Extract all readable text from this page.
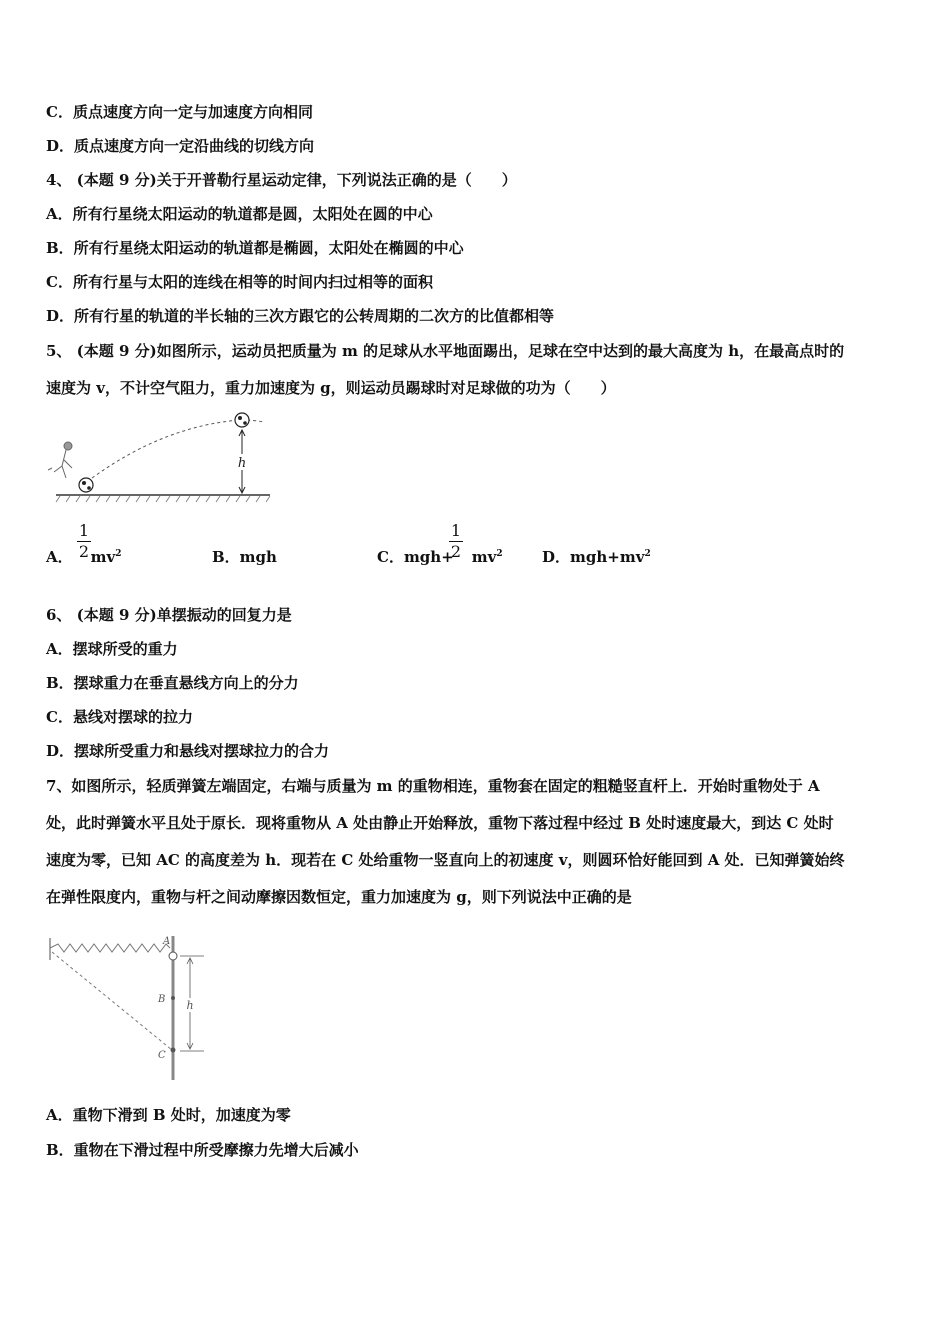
C．质点速度方向一定与加速度方向相同
D．质点速度方向一定沿曲线的切线方向
4、 (本题 9 分)关于开普勒行星运动定律，下列说法正确的是（　　）
A．所有行星绕太阳运动的轨道都是圆，太阳处在圆的中心
B．所有行星绕太阳运动的轨道都是椭圆，太阳处在椭圆的中心
C．所有行星与太阳的连线在相等的时间内扫过相等的面积
D．所有行星的轨道的半长轴的三次方跟它的公转周期的二次方的比值都相等
5、 (本题 9 分)如图所示，运动员把质量为 m 的足球从水平地面踢出，足球在空中达到的最大高度为 h，在最高点时的
速度为 v，不计空气阻力，重力加速度为 g，则运动员踢球时对足球做的功为（　　）
h
A． $mv^2$
1
2	B．mgh	C．$mgh+ mv^2$
1
2	D．$mgh+mv^2$
6、 (本题 9 分)单摆振动的回复力是
A．摆球所受的重力
B．摆球重力在垂直悬线方向上的分力
C．悬线对摆球的拉力
D．摆球所受重力和悬线对摆球拉力的合力
7、如图所示，轻质弹簧左端固定，右端与质量为 m 的重物相连，重物套在固定的粗糙竖直杆上．开始时重物处于 A
处，此时弹簧水平且处于原长．现将重物从 A 处由静止开始释放，重物下落过程中经过 B 处时速度最大，到达 C 处时
速度为零，已知 AC 的高度差为 h．现若在 C 处给重物一竖直向上的初速度 v，则圆环恰好能回到 A 处．已知弹簧始终
在弹性限度内，重物与杆之间动摩擦因数恒定，重力加速度为 g，则下列说法中正确的是
A
B
C
h
A．重物下滑到 B 处时，加速度为零
B．重物在下滑过程中所受摩擦力先增大后减小
